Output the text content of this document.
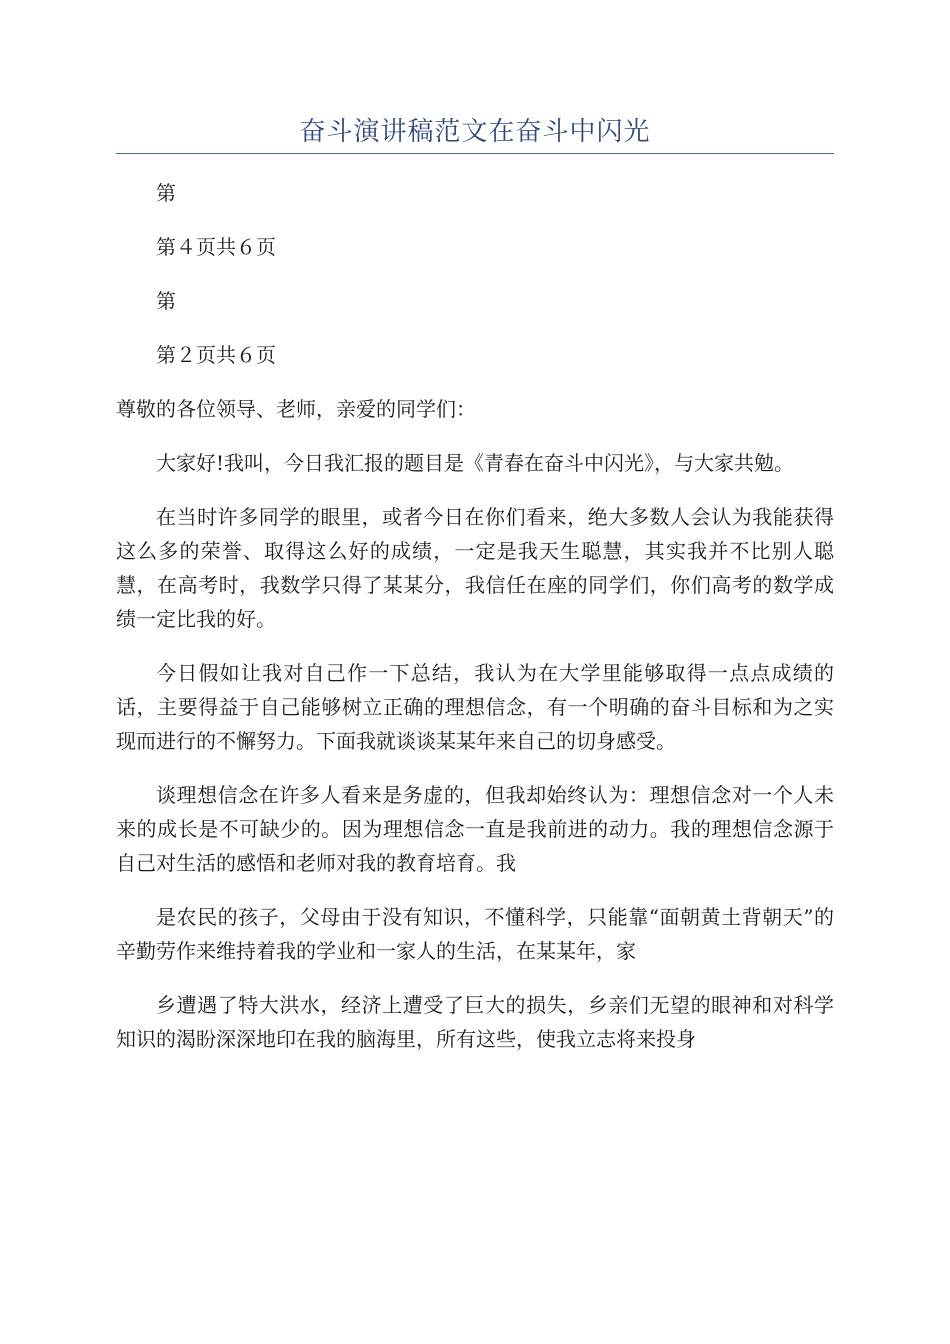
奋斗演讲稿范文在奋斗中闪光

第

第４页共６页

第

第２页共６页

尊敬的各位领导、老师，亲爱的同学们：

大家好!我叫，今日我汇报的题目是《青春在奋斗中闪光》，与大家共勉。

在当时许多同学的眼里，或者今日在你们看来，绝大多数人会认为我能获得这么多的荣誉、取得这么好的成绩，一定是我天生聪慧，其实我并不比别人聪慧，在高考时，我数学只得了某某分，我信任在座的同学们，你们高考的数学成绩一定比我的好。

今日假如让我对自己作一下总结，我认为在大学里能够取得一点点成绩的话，主要得益于自己能够树立正确的理想信念，有一个明确的奋斗目标和为之实现而进行的不懈努力。下面我就谈谈某某年来自己的切身感受。

谈理想信念在许多人看来是务虚的，但我却始终认为：理想信念对一个人未来的成长是不可缺少的。因为理想信念一直是我前进的动力。我的理想信念源于自己对生活的感悟和老师对我的教育培育。我

是农民的孩子，父母由于没有知识，不懂科学，只能靠“面朝黄土背朝天”的辛勤劳作来维持着我的学业和一家人的生活，在某某年，家

乡遭遇了特大洪水，经济上遭受了巨大的损失，乡亲们无望的眼神和对科学知识的渴盼深深地印在我的脑海里，所有这些，使我立志将来投身
